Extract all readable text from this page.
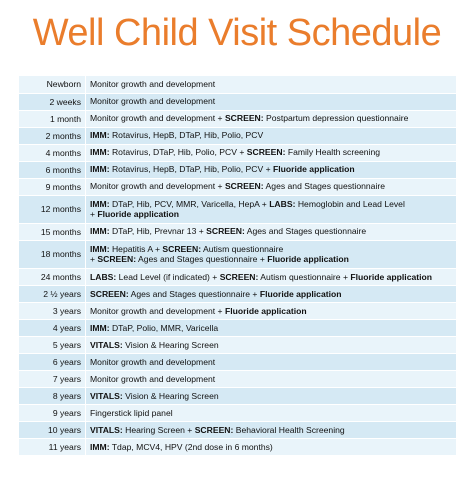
Well Child Visit Schedule
Newborn	Monitor growth and development
2 weeks	Monitor growth and development
1 month	Monitor growth and development + SCREEN: Postpartum depression questionnaire
2 months	IMM: Rotavirus, HepB, DTaP, Hib, Polio, PCV
4 months	IMM: Rotavirus, DTaP, Hib, Polio, PCV + SCREEN: Family Health screening
6 months	IMM: Rotavirus, HepB, DTaP, Hib, Polio, PCV + Fluoride application
9 months	Monitor growth and development + SCREEN: Ages and Stages questionnaire
12 months	IMM: DTaP, Hib, PCV, MMR, Varicella, HepA + LABS: Hemoglobin and Lead Level
+ Fluoride application
15 months	IMM: DTaP, Hib, Prevnar 13 + SCREEN: Ages and Stages questionnaire
18 months	IMM: Hepatitis A + SCREEN: Autism questionnaire
+ SCREEN: Ages and Stages questionnaire + Fluoride application
24 months	LABS: Lead Level (if indicated) + SCREEN: Autism questionnaire + Fluoride application
2 ½ years	SCREEN: Ages and Stages questionnaire + Fluoride application
3 years	Monitor growth and development + Fluoride application
4 years	IMM: DTaP, Polio, MMR, Varicella
5 years	VITALS: Vision & Hearing Screen
6 years	Monitor growth and development
7 years	Monitor growth and development
8 years	VITALS: Vision & Hearing Screen
9 years	Fingerstick lipid panel
10 years	VITALS: Hearing Screen + SCREEN: Behavioral Health Screening
11 years	IMM: Tdap, MCV4, HPV (2nd dose in 6 months)
